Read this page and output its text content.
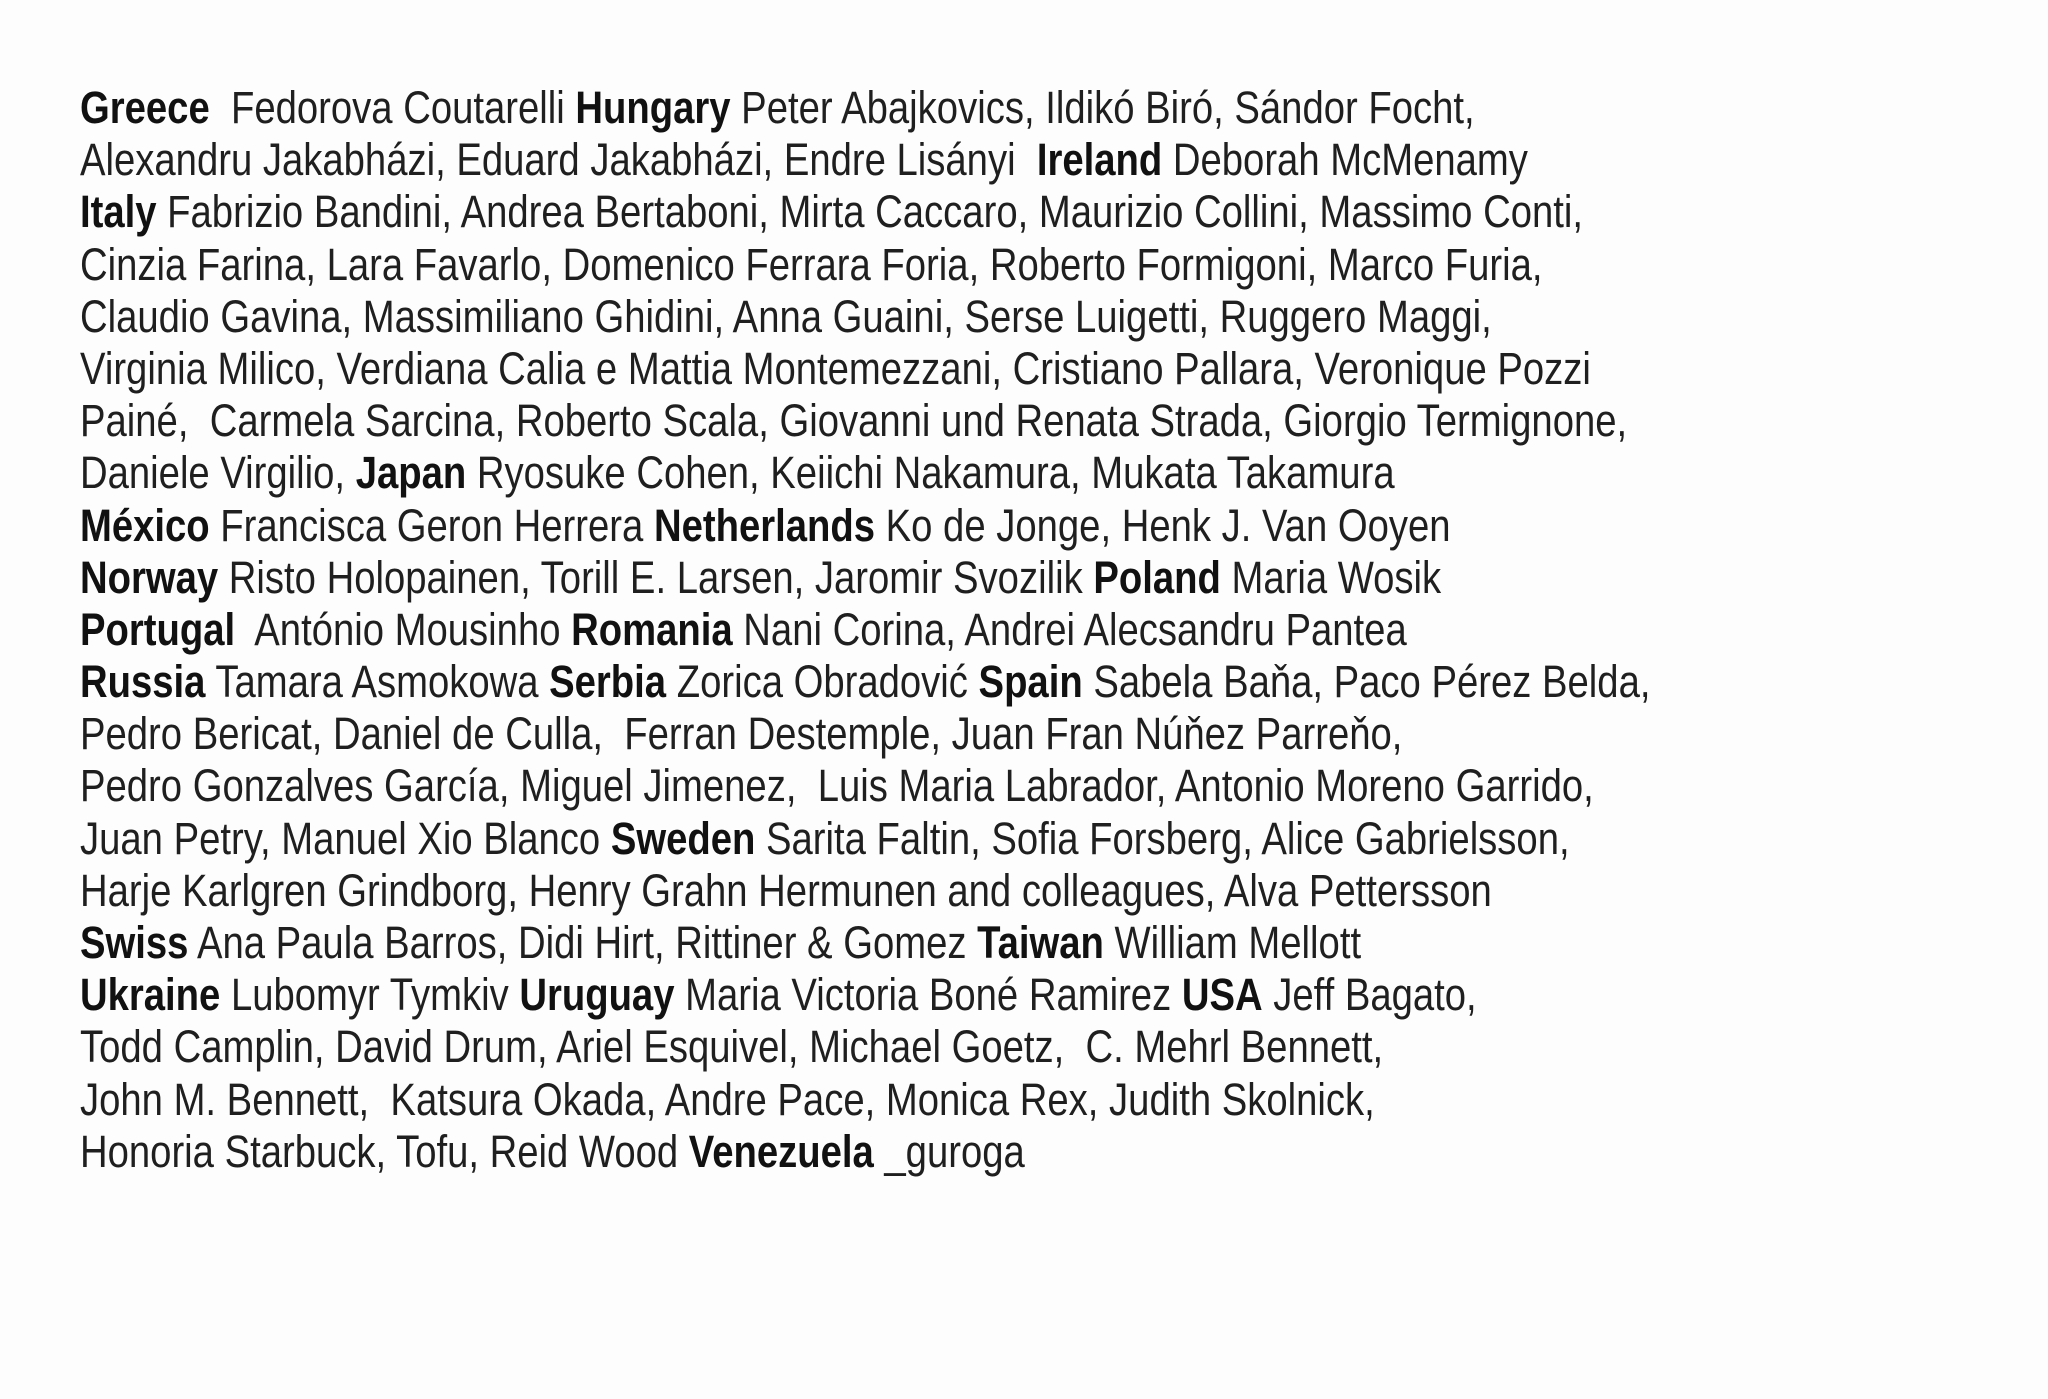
Greece  Fedorova Coutarelli Hungary Peter Abajkovics, Ildikó Biró, Sándor Focht,
Alexandru Jakabházi, Eduard Jakabházi, Endre Lisányi  Ireland Deborah McMenamy
Italy Fabrizio Bandini, Andrea Bertaboni, Mirta Caccaro, Maurizio Collini, Massimo Conti,
Cinzia Farina, Lara Favarlo, Domenico Ferrara Foria, Roberto Formigoni, Marco Furia,
Claudio Gavina, Massimiliano Ghidini, Anna Guaini, Serse Luigetti, Ruggero Maggi,
Virginia Milico, Verdiana Calia e Mattia Montemezzani, Cristiano Pallara, Veronique Pozzi
Painé,  Carmela Sarcina, Roberto Scala, Giovanni und Renata Strada, Giorgio Termignone,
Daniele Virgilio, Japan Ryosuke Cohen, Keiichi Nakamura, Mukata Takamura
México Francisca Geron Herrera Netherlands Ko de Jonge, Henk J. Van Ooyen
Norway Risto Holopainen, Torill E. Larsen, Jaromir Svozilik Poland Maria Wosik
Portugal  António Mousinho Romania Nani Corina, Andrei Alecsandru Pantea
Russia Tamara Asmokowa Serbia Zorica Obradović Spain Sabela Baňa, Paco Pérez Belda,
Pedro Bericat, Daniel de Culla,  Ferran Destemple, Juan Fran Núňez Parreňo,
Pedro Gonzalves García, Miguel Jimenez,  Luis Maria Labrador, Antonio Moreno Garrido,
Juan Petry, Manuel Xio Blanco Sweden Sarita Faltin, Sofia Forsberg, Alice Gabrielsson,
Harje Karlgren Grindborg, Henry Grahn Hermunen and colleagues, Alva Pettersson
Swiss Ana Paula Barros, Didi Hirt, Rittiner & Gomez Taiwan William Mellott
Ukraine Lubomyr Tymkiv Uruguay Maria Victoria Boné Ramirez USA Jeff Bagato,
Todd Camplin, David Drum, Ariel Esquivel, Michael Goetz,  C. Mehrl Bennett,
John M. Bennett,  Katsura Okada, Andre Pace, Monica Rex, Judith Skolnick,
Honoria Starbuck, Tofu, Reid Wood Venezuela _guroga
